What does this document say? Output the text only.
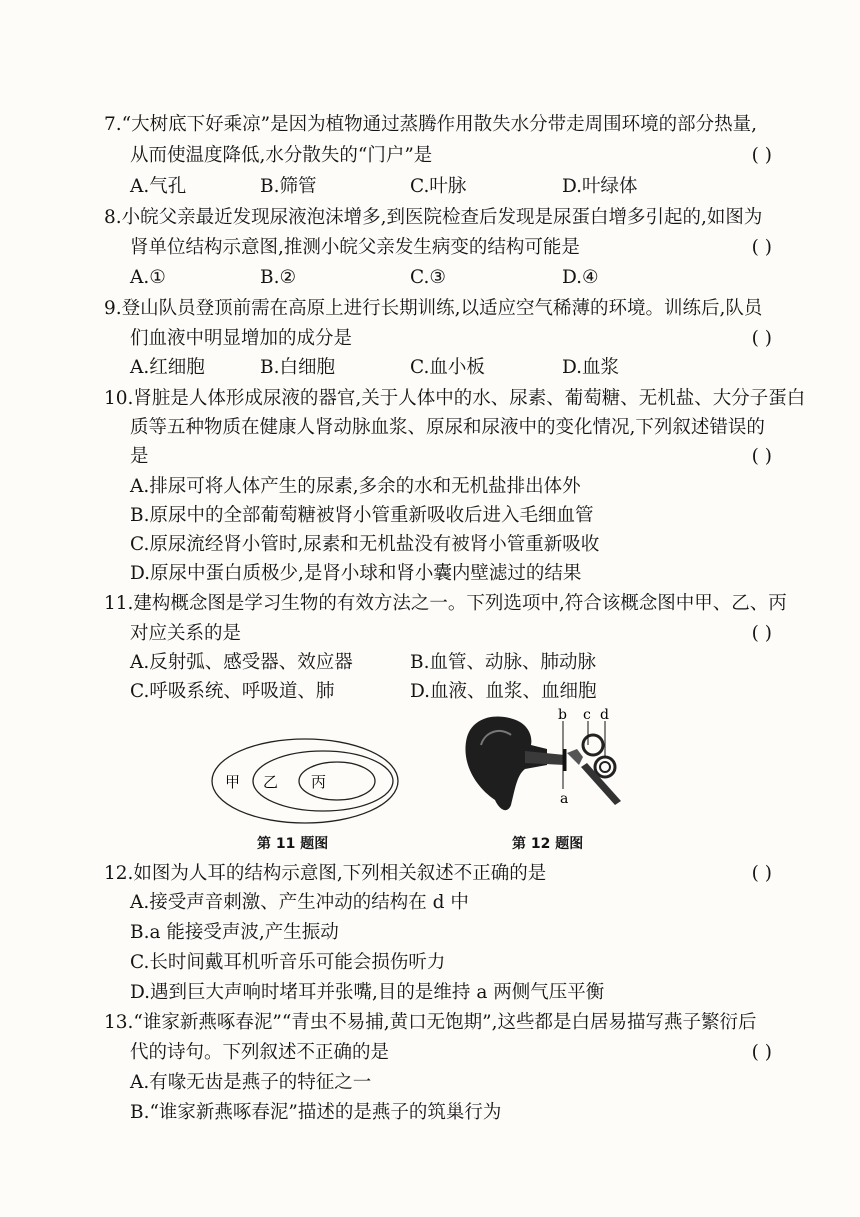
7.“大树底下好乘凉”是因为植物通过蒸腾作用散失水分带走周围环境的部分热量,
从而使温度降低,水分散失的“门户”是	( )
A.气孔	B.筛管	C.叶脉	D.叶绿体
8.小皖父亲最近发现尿液泡沫增多,到医院检查后发现是尿蛋白增多引起的,如图为
肾单位结构示意图,推测小皖父亲发生病变的结构可能是	( )
A.①	B.②	C.③	D.④
9.登山队员登顶前需在高原上进行长期训练,以适应空气稀薄的环境。训练后,队员
们血液中明显增加的成分是	( )
A.红细胞	B.白细胞	C.血小板	D.血浆
10.肾脏是人体形成尿液的器官,关于人体中的水、尿素、葡萄糖、无机盐、大分子蛋白
质等五种物质在健康人肾动脉血浆、原尿和尿液中的变化情况,下列叙述错误的
是	( )
A.排尿可将人体产生的尿素,多余的水和无机盐排出体外
B.原尿中的全部葡萄糖被肾小管重新吸收后进入毛细血管
C.原尿流经肾小管时,尿素和无机盐没有被肾小管重新吸收
D.原尿中蛋白质极少,是肾小球和肾小囊内壁滤过的结果
11.建构概念图是学习生物的有效方法之一。下列选项中,符合该概念图中甲、乙、丙
对应关系的是	( )
A.反射弧、感受器、效应器	B.血管、动脉、肺动脉
C.呼吸系统、呼吸道、肺	D.血液、血浆、血细胞
甲 乙 丙
第 11 题图
b c d
a
第 12 题图
12.如图为人耳的结构示意图,下列相关叙述不正确的是	( )
A.接受声音刺激、产生冲动的结构在 d 中
B.a 能接受声波,产生振动
C.长时间戴耳机听音乐可能会损伤听力
D.遇到巨大声响时堵耳并张嘴,目的是维持 a 两侧气压平衡
13.“谁家新燕啄春泥”“青虫不易捕,黄口无饱期”,这些都是白居易描写燕子繁衍后
代的诗句。下列叙述不正确的是	( )
A.有喙无齿是燕子的特征之一
B.“谁家新燕啄春泥”描述的是燕子的筑巢行为
